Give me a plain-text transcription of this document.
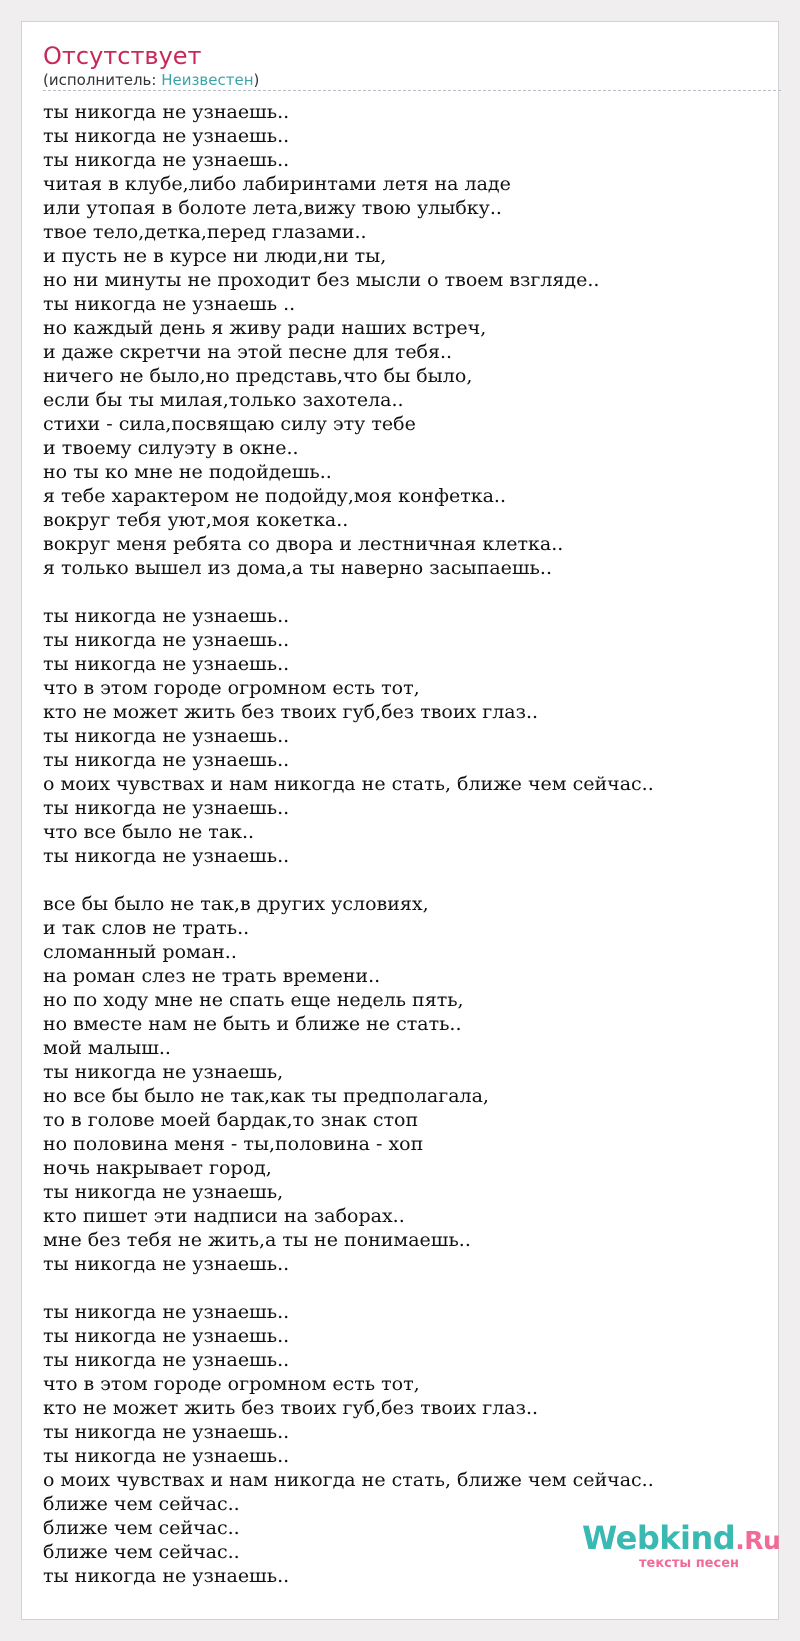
Отсутствует
(исполнитель: Неизвестен)
ты никогда не узнаешь..
ты никогда не узнаешь..
ты никогда не узнаешь..
читая в клубе,либо лабиринтами летя на ладе
или утопая в болоте лета,вижу твою улыбку..
твое тело,детка,перед глазами..
и пусть не в курсе ни люди,ни ты,
но ни минуты не проходит без мысли о твоем взгляде..
ты никогда не узнаешь ..
но каждый день я живу ради наших встреч,
и даже скретчи на этой песне для тебя..
ничего не было,но представь,что бы было,
если бы ты милая,только захотела..
стихи - сила,посвящаю силу эту тебе
и твоему силуэту в окне..
но ты ко мне не подойдешь..
я тебе характером не подойду,моя конфетка..
вокруг тебя уют,моя кокетка..
вокруг меня ребята со двора и лестничная клетка..
я только вышел из дома,а ты наверно засыпаешь..
ты никогда не узнаешь..
ты никогда не узнаешь..
ты никогда не узнаешь..
что в этом городе огромном есть тот,
кто не может жить без твоих губ,без твоих глаз..
ты никогда не узнаешь..
ты никогда не узнаешь..
о моих чувствах и нам никогда не стать, ближе чем сейчас..
ты никогда не узнаешь..
что все было не так..
ты никогда не узнаешь..
все бы было не так,в других условиях,
и так слов не трать..
сломанный роман..
на роман слез не трать времени..
но по ходу мне не спать еще недель пять,
но вместе нам не быть и ближе не стать..
мой малыш..
ты никогда не узнаешь,
но все бы было не так,как ты предполагала,
то в голове моей бардак,то знак стоп
но половина меня - ты,половина - хоп
ночь накрывает город,
ты никогда не узнаешь,
кто пишет эти надписи на заборах..
мне без тебя не жить,а ты не понимаешь..
ты никогда не узнаешь..
ты никогда не узнаешь..
ты никогда не узнаешь..
ты никогда не узнаешь..
что в этом городе огромном есть тот,
кто не может жить без твоих губ,без твоих глаз..
ты никогда не узнаешь..
ты никогда не узнаешь..
о моих чувствах и нам никогда не стать, ближе чем сейчас..
ближе чем сейчас..
ближе чем сейчас..
ближе чем сейчас..
ты никогда не узнаешь..
Webkind.Ru
тексты песен
